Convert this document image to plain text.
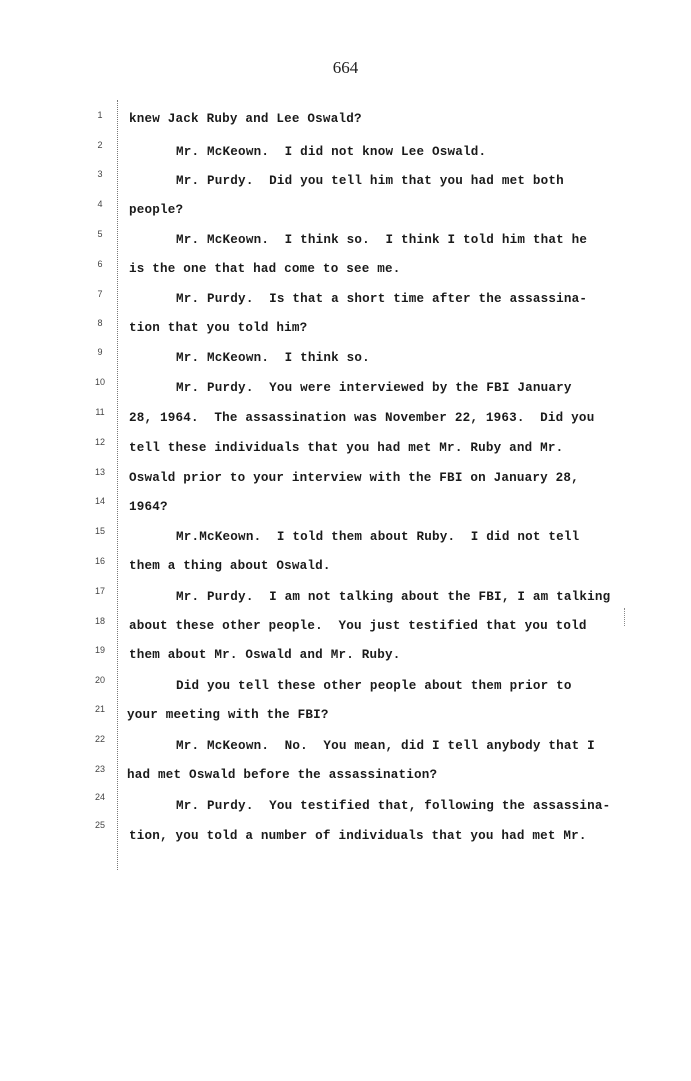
664
1
2
3
4
5
6
7
8
9
10
11
12
13
14
15
16
17
18
19
20
21
22
23
24
25
knew Jack Ruby and Lee Oswald?
Mr. McKeown.  I did not know Lee Oswald.
Mr. Purdy.  Did you tell him that you had met both
people?
Mr. McKeown.  I think so.  I think I told him that he
is the one that had come to see me.
Mr. Purdy.  Is that a short time after the assassina-
tion that you told him?
Mr. McKeown.  I think so.
Mr. Purdy.  You were interviewed by the FBI January
28, 1964.  The assassination was November 22, 1963.  Did you
tell these individuals that you had met Mr. Ruby and Mr.
Oswald prior to your interview with the FBI on January 28,
1964?
Mr.McKeown.  I told them about Ruby.  I did not tell
them a thing about Oswald.
Mr. Purdy.  I am not talking about the FBI, I am talking
about these other people.  You just testified that you told
them about Mr. Oswald and Mr. Ruby.
Did you tell these other people about them prior to
your meeting with the FBI?
Mr. McKeown.  No.  You mean, did I tell anybody that I
had met Oswald before the assassination?
Mr. Purdy.  You testified that, following the assassina-
tion, you told a number of individuals that you had met Mr.
